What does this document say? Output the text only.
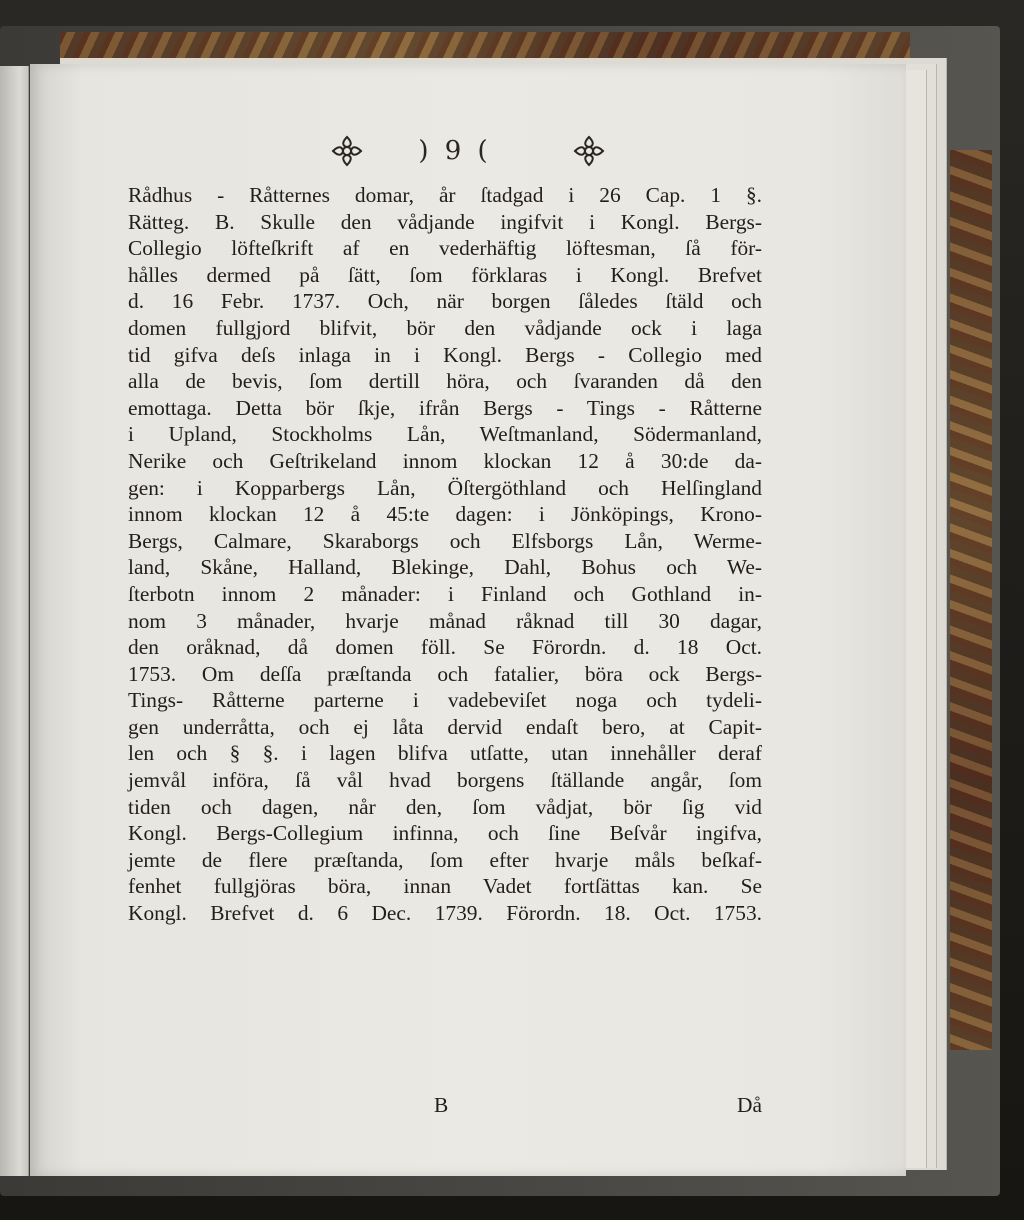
) 9 (
Rådhus - Råtternes domar, år ſtadgad i 26 Cap. 1 §.
Rätteg. B. Skulle den vådjande ingifvit i Kongl. Bergs-
Collegio löfteſkrift af en vederhäftig löftesman, ſå för-
hålles dermed på ſätt, ſom förklaras i Kongl. Brefvet
d. 16 Febr. 1737. Och, när borgen ſåledes ſtäld och
domen fullgjord blifvit, bör den vådjande ock i laga
tid gifva deſs inlaga in i Kongl. Bergs - Collegio med
alla de bevis, ſom dertill höra, och ſvaranden då den
emottaga. Detta bör ſkje, ifrån Bergs - Tings - Råtterne
i Upland, Stockholms Lån, Weſtmanland, Södermanland,
Nerike och Geſtrikeland innom klockan 12 å 30:de da-
gen: i Kopparbergs Lån, Öſtergöthland och Helſingland
innom klockan 12 å 45:te dagen: i Jönköpings, Krono-
Bergs, Calmare, Skaraborgs och Elfsborgs Lån, Werme-
land, Skåne, Halland, Blekinge, Dahl, Bohus och We-
ſterbotn innom 2 månader: i Finland och Gothland in-
nom 3 månader, hvarje månad råknad till 30 dagar,
den oråknad, då domen föll. Se Förordn. d. 18 Oct.
1753. Om deſſa præſtanda och fatalier, böra ock Bergs-
Tings- Råtterne parterne i vadebeviſet noga och tydeli-
gen underråtta, och ej låta dervid endaſt bero, at Capit-
len och § §. i lagen blifva utſatte, utan innehåller deraf
jemvål införa, ſå vål hvad borgens ſtällande angår, ſom
tiden och dagen, når den, ſom vådjat, bör ſig vid
Kongl. Bergs-Collegium infinna, och ſine Beſvår ingifva,
jemte de flere præſtanda, ſom efter hvarje måls beſkaf-
fenhet fullgjöras böra, innan Vadet fortſättas kan. Se
Kongl. Brefvet d. 6 Dec. 1739. Förordn. 18. Oct. 1753.
B	Då
